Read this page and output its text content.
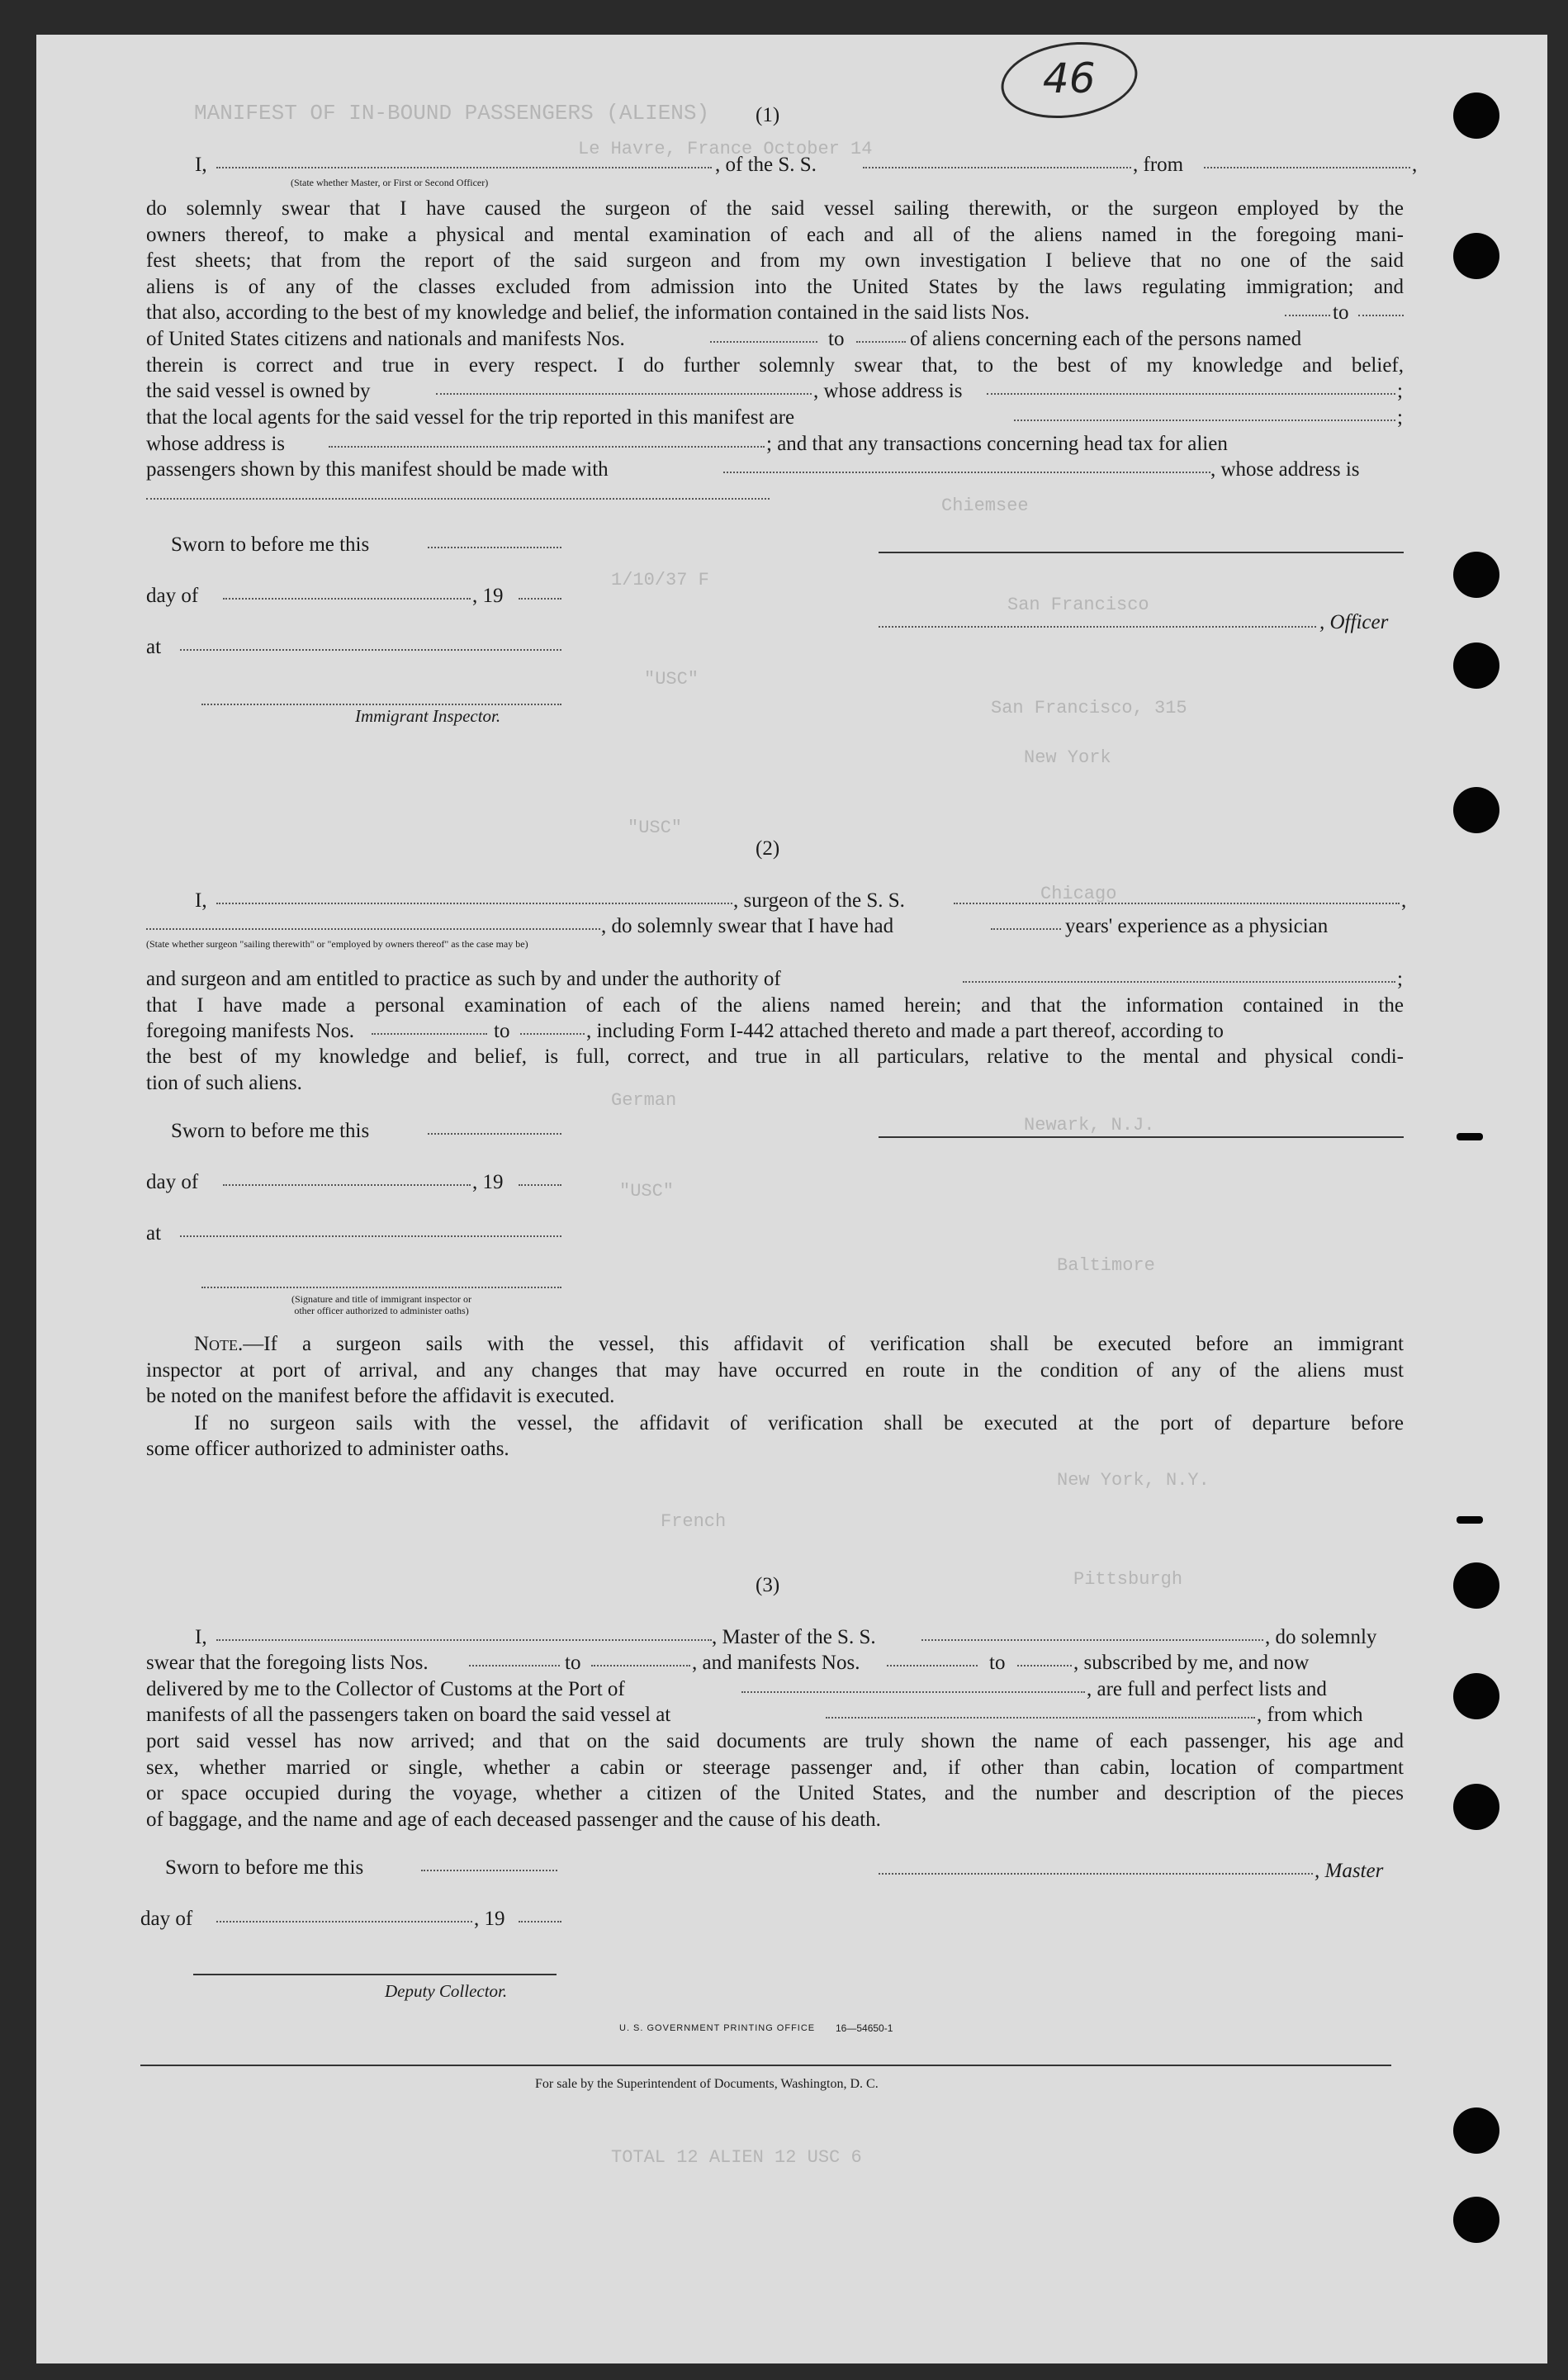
MANIFEST OF IN-BOUND PASSENGERS (ALIENS)
Le Havre, France October 14
Chiemsee
1/10/37 F
San Francisco
"USC"
San Francisco, 315
New York
"USC"
Chicago
German
Newark, N.J.
"USC"
Baltimore
New York, N.Y.
French
Pittsburgh
TOTAL 12 ALIEN 12 USC 6
46
(1)
I,	, of the S. S.	, from	,
(State whether Master, or First or Second Officer)
do solemnly swear that I have caused the surgeon of the said vessel sailing therewith, or the surgeon employed by the
owners thereof, to make a physical and mental examination of each and all of the aliens named in the foregoing mani-
fest sheets; that from the report of the said surgeon and from my own investigation I believe that no one of the said
aliens is of any of the classes excluded from admission into the United States by the laws regulating immigration; and
that also, according to the best of my knowledge and belief, the information contained in the said lists Nos.	to
of United States citizens and nationals and manifests Nos.	to	of aliens concerning each of the persons named
therein is correct and true in every respect. I do further solemnly swear that, to the best of my knowledge and belief,
the said vessel is owned by	, whose address is	;
that the local agents for the said vessel for the trip reported in this manifest are	;
whose address is	; and that any transactions concerning head tax for alien
passengers shown by this manifest should be made with	, whose address is
Sworn to before me this
day of	, 19
, Officer
at
Immigrant Inspector.
(2)
I,	, surgeon of the S. S.	,
, do solemnly swear that I have had	years' experience as a physician
(State whether surgeon "sailing therewith" or "employed by owners thereof" as the case may be)
and surgeon and am entitled to practice as such by and under the authority of	;
that I have made a personal examination of each of the aliens named herein; and that the information contained in the
foregoing manifests Nos.	to	, including Form I-442 attached thereto and made a part thereof, according to
the best of my knowledge and belief, is full, correct, and true in all particulars, relative to the mental and physical condi-
tion of such aliens.
Sworn to before me this
day of	, 19
at
(Signature and title of immigrant inspector or
other officer authorized to administer oaths)
Note.—If a surgeon sails with the vessel, this affidavit of verification shall be executed before an immigrant
inspector at port of arrival, and any changes that may have occurred en route in the condition of any of the aliens must
be noted on the manifest before the affidavit is executed.
If no surgeon sails with the vessel, the affidavit of verification shall be executed at the port of departure before
some officer authorized to administer oaths.
(3)
I,	, Master of the S. S.	, do solemnly
swear that the foregoing lists Nos.	to	, and manifests Nos.	to	, subscribed by me, and now
delivered by me to the Collector of Customs at the Port of	, are full and perfect lists and
manifests of all the passengers taken on board the said vessel at	, from which
port said vessel has now arrived; and that on the said documents are truly shown the name of each passenger, his age and
sex, whether married or single, whether a cabin or steerage passenger and, if other than cabin, location of compartment
or space occupied during the voyage, whether a citizen of the United States, and the number and description of the pieces
of baggage, and the name and age of each deceased passenger and the cause of his death.
Sworn to before me this	, Master
day of	, 19
Deputy Collector.
U. S. GOVERNMENT PRINTING OFFICE 16—54650-1
For sale by the Superintendent of Documents, Washington, D. C.
